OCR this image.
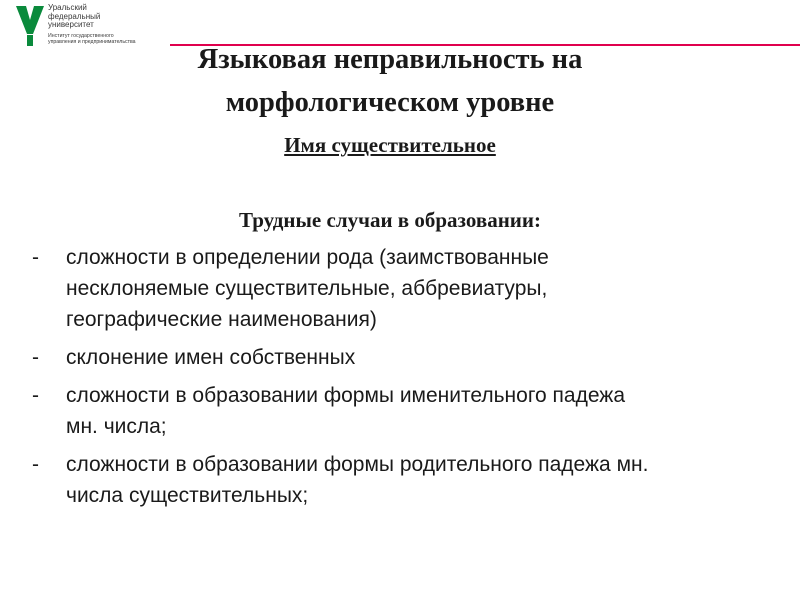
Уральский
федеральный
университет
Институт государственного
управления и предпринимательства
Языковая неправильность на
морфологическом уровне
Имя существительное
Трудные случаи в образовании:
- сложности в определении рода (заимствованные
несклоняемые существительные, аббревиатуры,
географические наименования)
- склонение имен собственных
- сложности в образовании формы именительного падежа
мн. числа;
- сложности в образовании формы родительного падежа мн.
числа существительных;
